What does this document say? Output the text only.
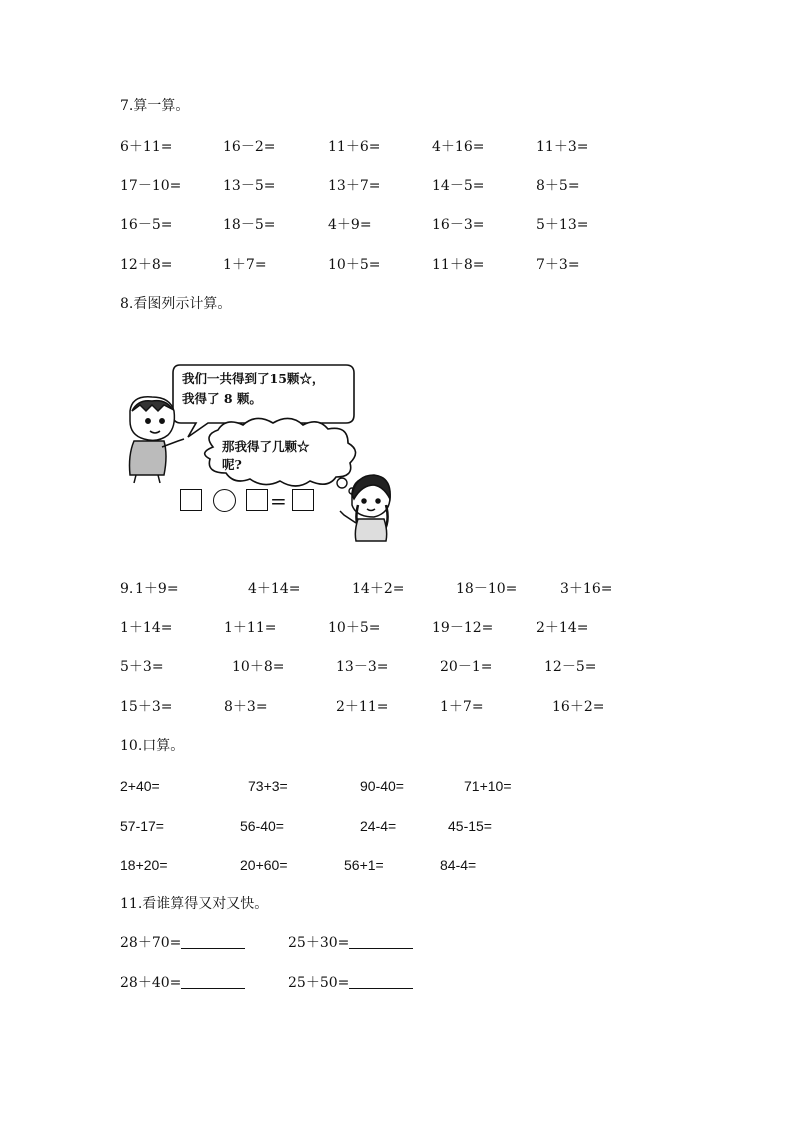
7.算一算。
6＋11=	16－2=	11＋6=	4＋16=	11＋3=
17－10=	13－5=	13＋7=	14－5=	8＋5=
16－5=	18－5=	4＋9=	16－3=	5＋13=
12＋8=	1＋7=	10＋5=	11＋8=	7＋3=
8.看图列示计算。
我们一共得到了15颗☆，
我得了 8 颗。
那我得了几颗☆
呢?
=
9. 1＋9=	4＋14=	14＋2=	18－10=	3＋16=
1＋14=	1＋11=	10＋5=	19－12=	2＋14=
5＋3=	10＋8=	13－3=	20－1=	12－5=
15＋3=	8＋3=	2＋11=	1＋7=	16＋2=
10.口算。
2+40=	73+3=	90-40=	71+10=
57-17=	56-40=	24-4=	45-15=
18+20=	20+60=	56+1=	84-4=
11.看谁算得又对又快。
28＋70=	25＋30=
28＋40=	25＋50=
